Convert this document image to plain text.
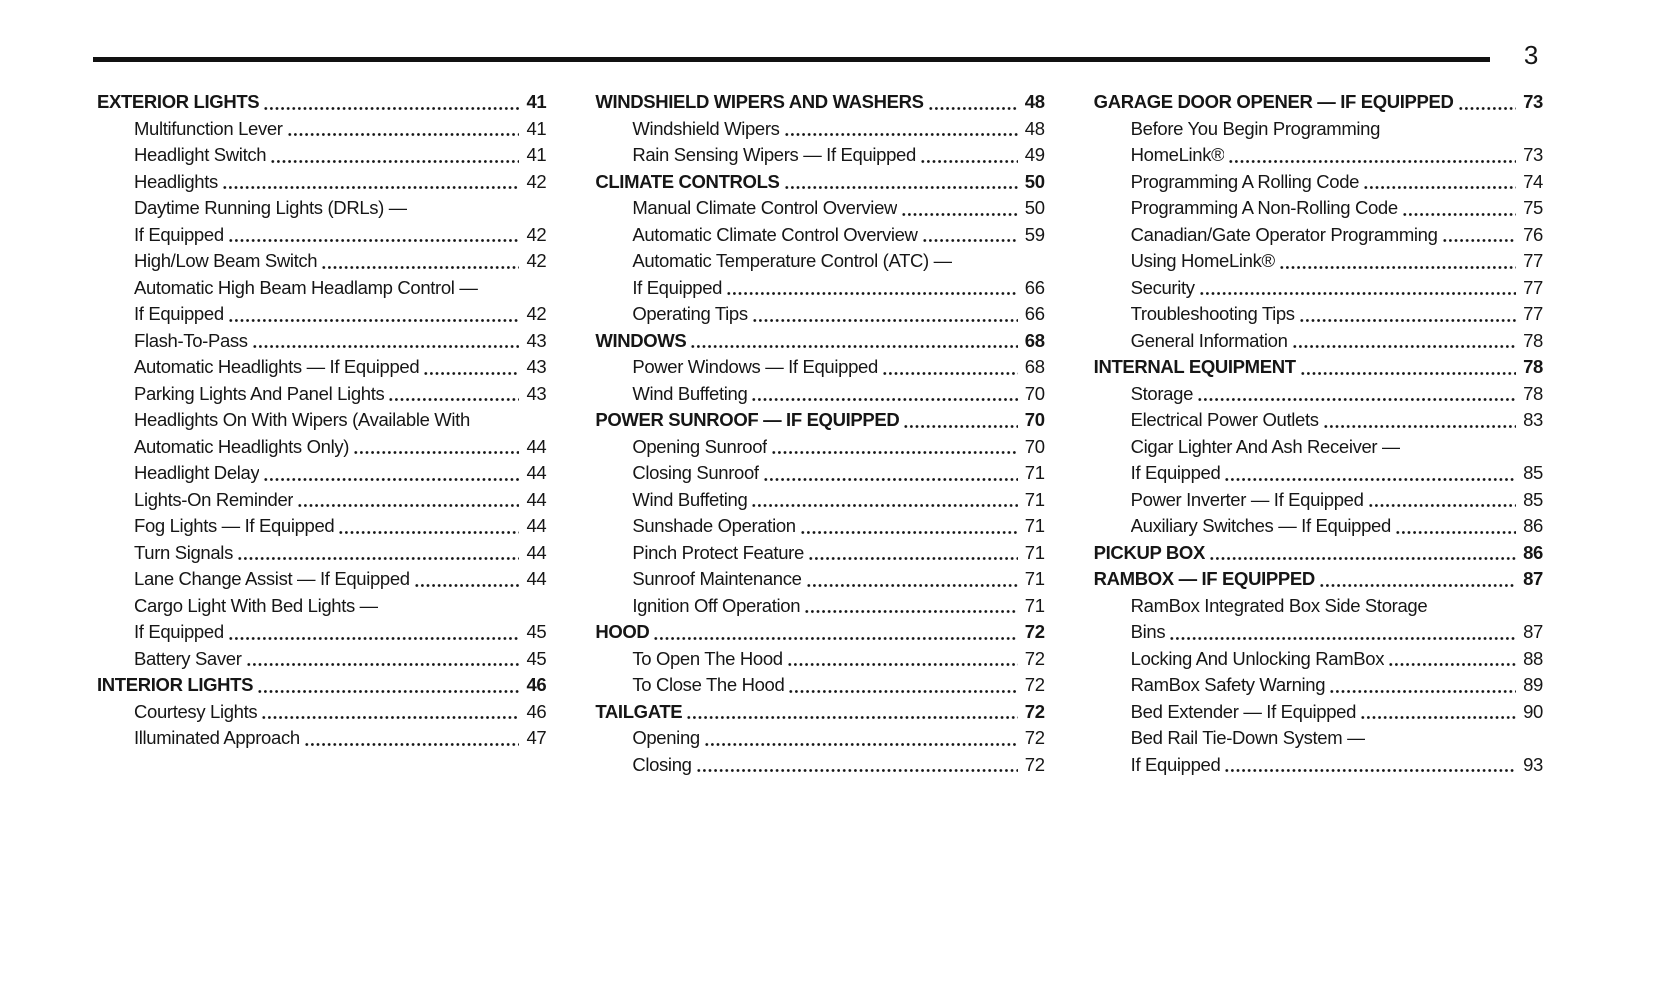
3
EXTERIOR LIGHTS	41
Multifunction Lever	41
Headlight Switch	41
Headlights	42
Daytime Running Lights (DRLs) —
If Equipped	42
High/Low Beam Switch	42
Automatic High Beam Headlamp Control —
If Equipped	42
Flash-To-Pass	43
Automatic Headlights — If Equipped	43
Parking Lights And Panel Lights	43
Headlights On With Wipers (Available With
Automatic Headlights Only)	44
Headlight Delay	44
Lights-On Reminder	44
Fog Lights — If Equipped	44
Turn Signals	44
Lane Change Assist — If Equipped	44
Cargo Light With Bed Lights —
If Equipped	45
Battery Saver	45
INTERIOR LIGHTS	46
Courtesy Lights	46
Illuminated Approach	47
WINDSHIELD WIPERS AND WASHERS	48
Windshield Wipers	48
Rain Sensing Wipers — If Equipped	49
CLIMATE CONTROLS	50
Manual Climate Control Overview	50
Automatic Climate Control Overview	59
Automatic Temperature Control (ATC) —
If Equipped	66
Operating Tips	66
WINDOWS	68
Power Windows — If Equipped	68
Wind Buffeting	70
POWER SUNROOF — IF EQUIPPED	70
Opening Sunroof	70
Closing Sunroof	71
Wind Buffeting	71
Sunshade Operation	71
Pinch Protect Feature	71
Sunroof Maintenance	71
Ignition Off Operation	71
HOOD	72
To Open The Hood	72
To Close The Hood	72
TAILGATE	72
Opening	72
Closing	72
GARAGE DOOR OPENER — IF EQUIPPED	73
Before You Begin Programming
HomeLink®	73
Programming A Rolling Code	74
Programming A Non-Rolling Code	75
Canadian/Gate Operator Programming	76
Using HomeLink®	77
Security	77
Troubleshooting Tips	77
General Information	78
INTERNAL EQUIPMENT	78
Storage	78
Electrical Power Outlets	83
Cigar Lighter And Ash Receiver —
If Equipped	85
Power Inverter — If Equipped	85
Auxiliary Switches — If Equipped	86
PICKUP BOX	86
RAMBOX — IF EQUIPPED	87
RamBox Integrated Box Side Storage
Bins	87
Locking And Unlocking RamBox	88
RamBox Safety Warning	89
Bed Extender — If Equipped	90
Bed Rail Tie-Down System —
If Equipped	93
